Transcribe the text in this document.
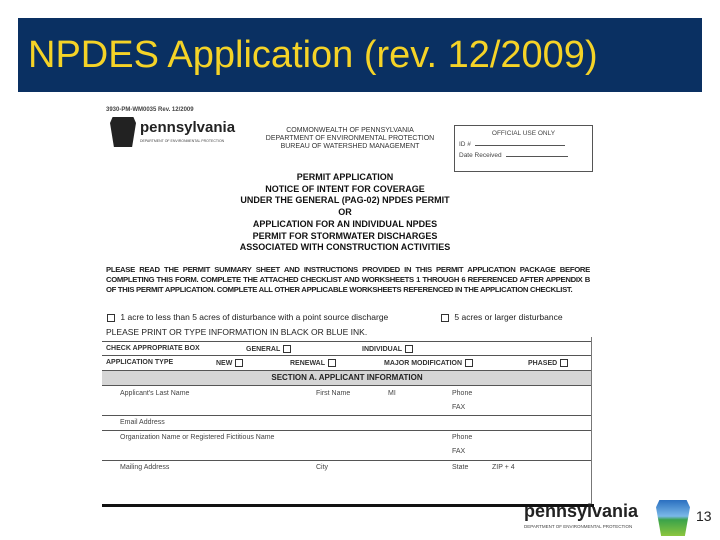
NPDES Application (rev. 12/2009)
3930-PM-WM0035 Rev. 12/2009
pennsylvania
DEPARTMENT OF ENVIRONMENTAL PROTECTION
COMMONWEALTH OF PENNSYLVANIA
DEPARTMENT OF ENVIRONMENTAL PROTECTION
BUREAU OF WATERSHED MANAGEMENT
OFFICIAL USE ONLY
ID #
Date Received
PERMIT APPLICATION
NOTICE OF INTENT FOR COVERAGE
UNDER THE GENERAL (PAG-02) NPDES PERMIT
OR
APPLICATION FOR AN INDIVIDUAL NPDES
PERMIT FOR STORMWATER DISCHARGES
ASSOCIATED WITH CONSTRUCTION ACTIVITIES
PLEASE READ THE PERMIT SUMMARY SHEET AND INSTRUCTIONS PROVIDED IN THIS PERMIT APPLICATION PACKAGE BEFORE COMPLETING THIS FORM. COMPLETE THE ATTACHED CHECKLIST AND WORKSHEETS 1 THROUGH 6 REFERENCED AFTER APPENDIX B OF THIS PERMIT APPLICATION. COMPLETE ALL OTHER APPLICABLE WORKSHEETS REFERENCED IN THE APPLICATION CHECKLIST.
1 acre to less than 5 acres of disturbance with a point source discharge	5 acres or larger disturbance
PLEASE PRINT OR TYPE INFORMATION IN BLACK OR BLUE INK.
CHECK APPROPRIATE BOX	GENERAL	INDIVIDUAL
APPLICATION TYPE	NEW	RENEWAL	MAJOR MODIFICATION	PHASED
SECTION A. APPLICANT INFORMATION
Applicant's Last Name	First Name	MI	Phone
FAX
Email Address
Organization Name or Registered Fictitious Name	Phone
FAX
Mailing Address	City	State	ZIP + 4
pennsylvania
DEPARTMENT OF ENVIRONMENTAL PROTECTION
13
